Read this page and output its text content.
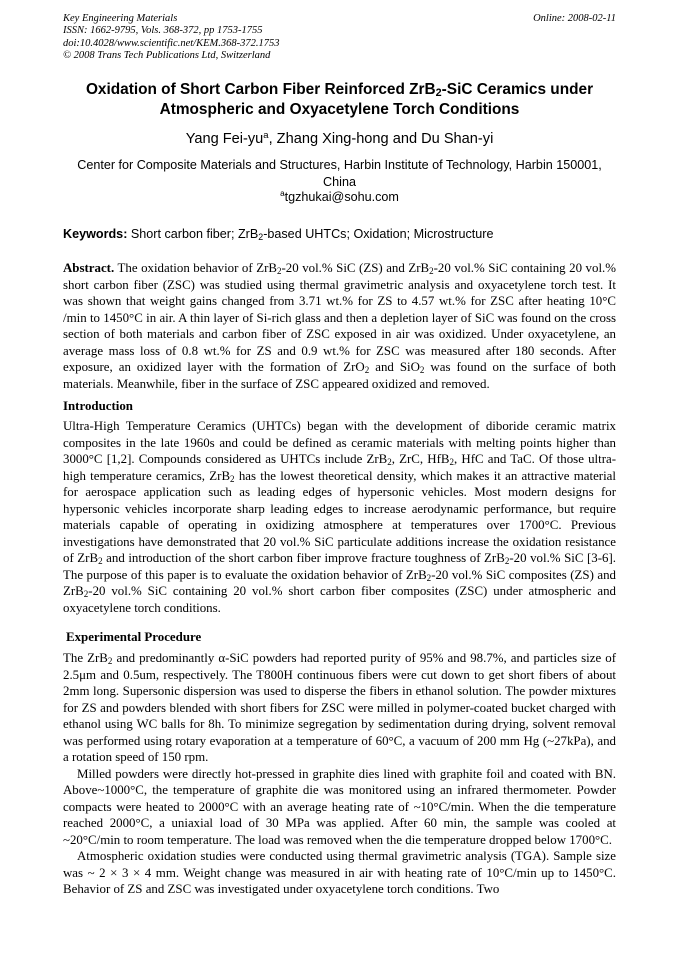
Key Engineering Materials
ISSN: 1662-9795, Vols. 368-372, pp 1753-1755
doi:10.4028/www.scientific.net/KEM.368-372.1753
© 2008 Trans Tech Publications Ltd, Switzerland
Online: 2008-02-11
Oxidation of Short Carbon Fiber Reinforced ZrB$_2$-SiC Ceramics under Atmospheric and Oxyacetylene Torch Conditions
Yang Fei-$yu^a$, Zhang Xing-hong and Du Shan-yi
Center for Composite Materials and Structures, Harbin Institute of Technology, Harbin 150001, China
$^a$tgzhukai@sohu.com
Keywords: Short carbon fiber; ZrB$_2$-based UHTCs; Oxidation; Microstructure

Abstract. The oxidation behavior of ZrB$_2$-20 vol.% SiC (ZS) and ZrB$_2$-20 vol.% SiC containing 20 vol.% short carbon fiber (ZSC) was studied using thermal gravimetric analysis and oxyacetylene torch test. It was shown that weight gains changed from 3.71 wt.% for ZS to 4.57 wt.% for ZSC after heating 10°C /min to 1450°C in air. A thin layer of Si-rich glass and then a depletion layer of SiC was found on the cross section of both materials and carbon fiber of ZSC exposed in air was oxidized. Under oxyacetylene, an average mass loss of 0.8 wt.% for ZS and 0.9 wt.% for ZSC was measured after 180 seconds. After exposure, an oxidized layer with the formation of ZrO$_2$ and SiO$_2$ was found on the surface of both materials. Meanwhile, fiber in the surface of ZSC appeared oxidized and removed.

Introduction

Ultra-High Temperature Ceramics (UHTCs) began with the development of diboride ceramic matrix composites in the late 1960s and could be defined as ceramic materials with melting points higher than 3000°C [1,2]. Compounds considered as UHTCs include ZrB$_2$, ZrC, HfB$_2$, HfC and TaC. Of those ultra-high temperature ceramics, ZrB$_2$ has the lowest theoretical density, which makes it an attractive material for aerospace application such as leading edges of hypersonic vehicles. Most modern designs for hypersonic vehicles incorporate sharp leading edges to increase aerodynamic performance, but require materials capable of operating in oxidizing atmosphere at temperatures over 1700°C. Previous investigations have demonstrated that 20 vol.% SiC particulate additions increase the oxidation resistance of ZrB$_2$ and introduction of the short carbon fiber improve fracture toughness of ZrB$_2$-20 vol.% SiC [3-6]. The purpose of this paper is to evaluate the oxidation behavior of ZrB$_2$-20 vol.% SiC composites (ZS) and ZrB$_2$-20 vol.% SiC containing 20 vol.% short carbon fiber composites (ZSC) under atmospheric and oxyacetylene torch conditions.

Experimental Procedure

The ZrB$_2$ and predominantly α-SiC powders had reported purity of 95% and 98.7%, and particles size of 2.5μm and 0.5um, respectively. The T800H continuous fibers were cut down to get short fibers of about 2mm long. Supersonic dispersion was used to disperse the fibers in ethanol solution. The powder mixtures for ZS and powders blended with short fibers for ZSC were milled in polymer-coated bucket charged with ethanol using WC balls for 8h. To minimize segregation by sedimentation during drying, solvent removal was performed using rotary evaporation at a temperature of 60°C, a vacuum of 200 mm Hg (~27kPa), and a rotation speed of 150 rpm.

Milled powders were directly hot-pressed in graphite dies lined with graphite foil and coated with BN. Above~1000°C, the temperature of graphite die was monitored using an infrared thermometer. Powder compacts were heated to 2000°C with an average heating rate of ~10°C/min. When the die temperature reached 2000°C, a uniaxial load of 30 MPa was applied. After 60 min, the sample was cooled at ~20°C/min to room temperature. The load was removed when the die temperature dropped below 1700°C.

Atmospheric oxidation studies were conducted using thermal gravimetric analysis (TGA). Sample size was ~ 2 × 3 × 4 mm. Weight change was measured in air with heating rate of 10°C/min up to 1450°C. Behavior of ZS and ZSC was investigated under oxyacetylene torch conditions. Two
